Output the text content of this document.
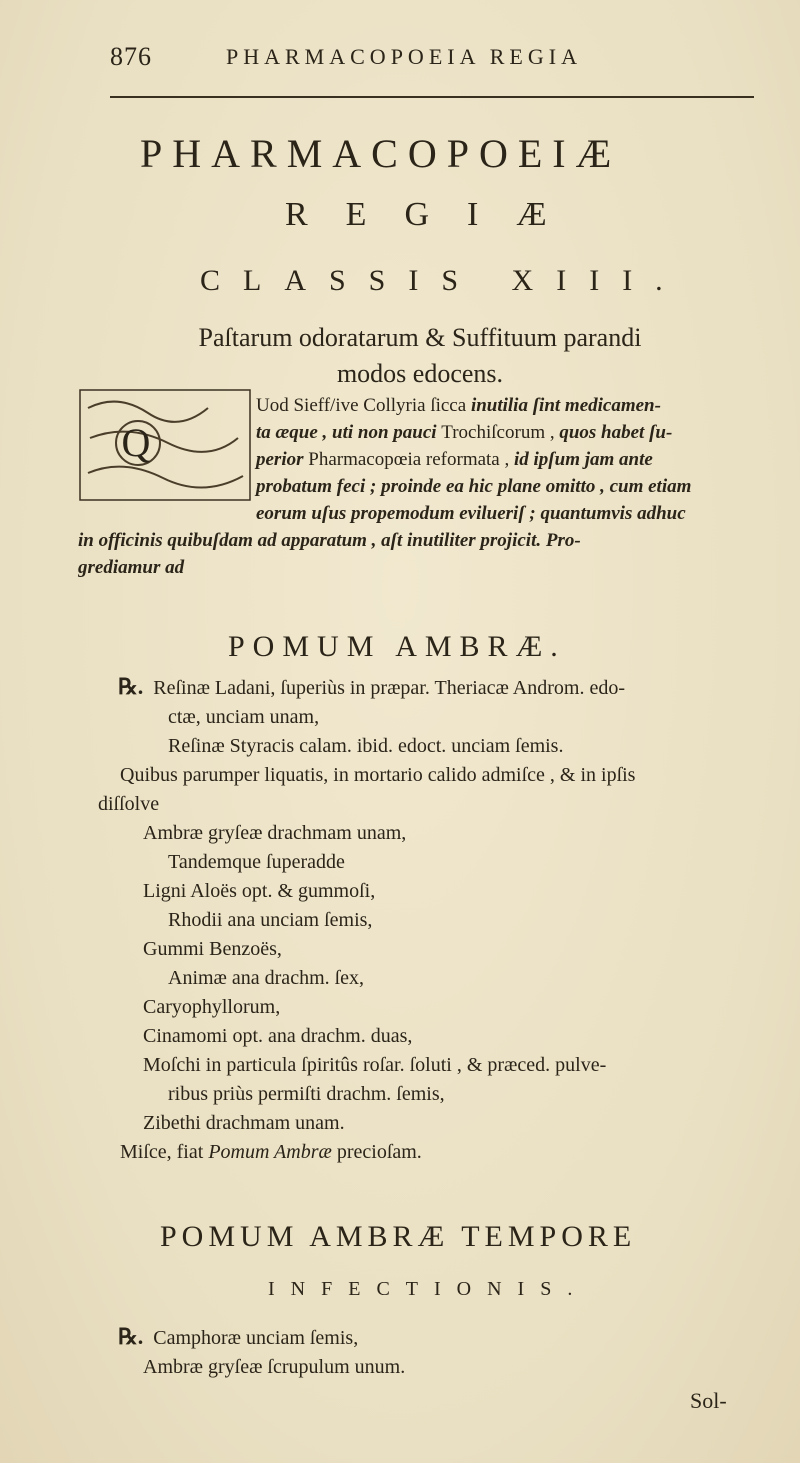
876	PHARMACOPOEIA REGIA
PHARMACOPOEIÆ
REGIÆ
CLASSIS XIII.
Paſtarum odoratarum & Suffituum parandi
modos edocens.
Q
Uod Sieff/ive Collyria ſicca inutilia ſint medicamen-
ta æque , uti non pauci Trochiſcorum , quos habet ſu-
perior Pharmacopœia reformata , id ipſum jam ante
probatum feci ; proinde ea hic plane omitto , cum etiam
eorum uſus propemodum evilueriſ ; quantumvis adhuc
in officinis quibuſdam ad apparatum , aſt inutiliter projicit. Pro-
grediamur ad
POMUM AMBRÆ.
℞. Reſinæ Ladani, ſuperiùs in præpar. Theriacæ Androm. edo-
ctæ, unciam unam,
Reſinæ Styracis calam. ibid. edoct. unciam ſemis.
Quibus parumper liquatis, in mortario calido admiſce , & in ipſis
diſſolve
Ambræ gryſeæ drachmam unam,
Tandemque ſuperadde
Ligni Aloës opt. & gummoſi,
Rhodii ana unciam ſemis,
Gummi Benzoës,
Animæ ana drachm. ſex,
Caryophyllorum,
Cinamomi opt. ana drachm. duas,
Moſchi in particula ſpiritûs roſar. ſoluti , & præced. pulve-
ribus priùs permiſti drachm. ſemis,
Zibethi drachmam unam.
Miſce, fiat Pomum Ambræ precioſam.
POMUM AMBRÆ TEMPORE
INFECTIONIS.
℞. Camphoræ unciam ſemis,
Ambræ gryſeæ ſcrupulum unum.
Sol-
